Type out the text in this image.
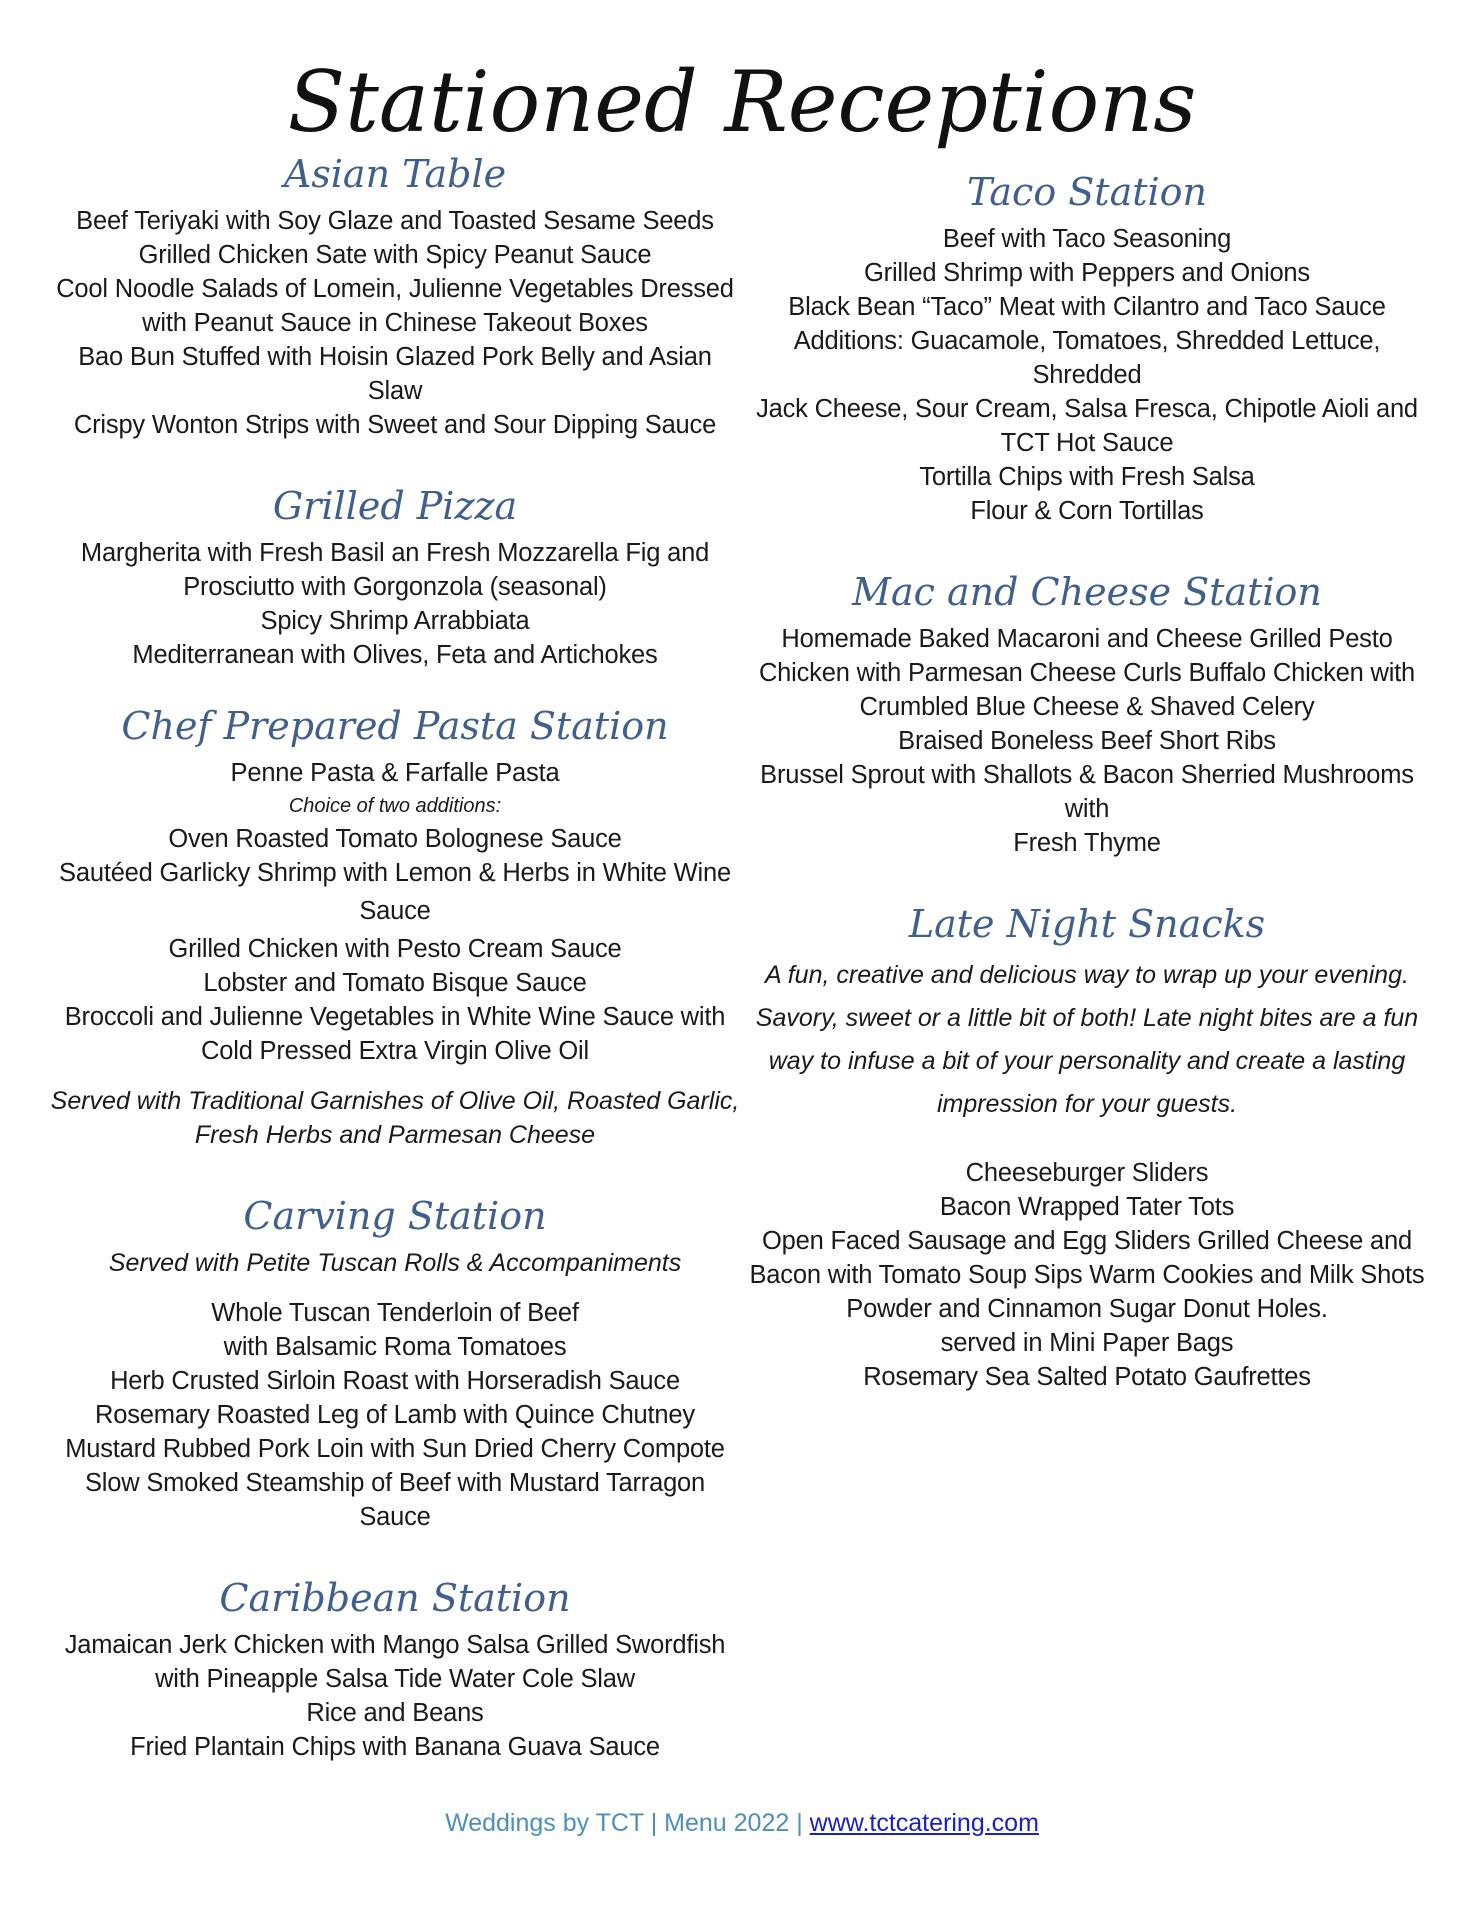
Stationed Receptions
Asian Table

Beef Teriyaki with Soy Glaze and Toasted Sesame Seeds

Grilled Chicken Sate with Spicy Peanut Sauce

Cool Noodle Salads of Lomein, Julienne Vegetables Dressed

with Peanut Sauce in Chinese Takeout Boxes

Bao Bun Stuffed with Hoisin Glazed Pork Belly and Asian Slaw

Crispy Wonton Strips with Sweet and Sour Dipping Sauce

Grilled Pizza

Margherita with Fresh Basil an Fresh Mozzarella Fig and

Prosciutto with Gorgonzola (seasonal)

Spicy Shrimp Arrabbiata

Mediterranean with Olives, Feta and Artichokes

Chef Prepared Pasta Station

Penne Pasta & Farfalle Pasta

Choice of two additions:

Oven Roasted Tomato Bolognese Sauce

Sautéed Garlicky Shrimp with Lemon & Herbs in White Wine

Sauce

Grilled Chicken with Pesto Cream Sauce

Lobster and Tomato Bisque Sauce

Broccoli and Julienne Vegetables in White Wine Sauce with

Cold Pressed Extra Virgin Olive Oil

Served with Traditional Garnishes of Olive Oil, Roasted Garlic,

Fresh Herbs and Parmesan Cheese

Carving Station

Served with Petite Tuscan Rolls & Accompaniments

Whole Tuscan Tenderloin of Beef

with Balsamic Roma Tomatoes

Herb Crusted Sirloin Roast with Horseradish Sauce

Rosemary Roasted Leg of Lamb with Quince Chutney

Mustard Rubbed Pork Loin with Sun Dried Cherry Compote

Slow Smoked Steamship of Beef with Mustard Tarragon Sauce

Caribbean Station

Jamaican Jerk Chicken with Mango Salsa Grilled Swordfish

with Pineapple Salsa Tide Water Cole Slaw

Rice and Beans

Fried Plantain Chips with Banana Guava Sauce

Taco Station

Beef with Taco Seasoning

Grilled Shrimp with Peppers and Onions

Black Bean “Taco” Meat with Cilantro and Taco Sauce

Additions: Guacamole, Tomatoes, Shredded Lettuce, Shredded

Jack Cheese, Sour Cream, Salsa Fresca, Chipotle Aioli and

TCT Hot Sauce

Tortilla Chips with Fresh Salsa

Flour & Corn Tortillas

Mac and Cheese Station

Homemade Baked Macaroni and Cheese Grilled Pesto

Chicken with Parmesan Cheese Curls Buffalo Chicken with

Crumbled Blue Cheese & Shaved Celery

Braised Boneless Beef Short Ribs

Brussel Sprout with Shallots & Bacon Sherried Mushrooms with

Fresh Thyme

Late Night Snacks

A fun, creative and delicious way to wrap up your evening.

Savory, sweet or a little bit of both! Late night bites are a fun

way to infuse a bit of your personality and create a lasting

impression for your guests.

Cheeseburger Sliders

Bacon Wrapped Tater Tots

Open Faced Sausage and Egg Sliders Grilled Cheese and

Bacon with Tomato Soup Sips Warm Cookies and Milk Shots

Powder and Cinnamon Sugar Donut Holes.

served in Mini Paper Bags

Rosemary Sea Salted Potato Gaufrettes

Weddings by TCT | Menu 2022 | www.tctcatering.com
